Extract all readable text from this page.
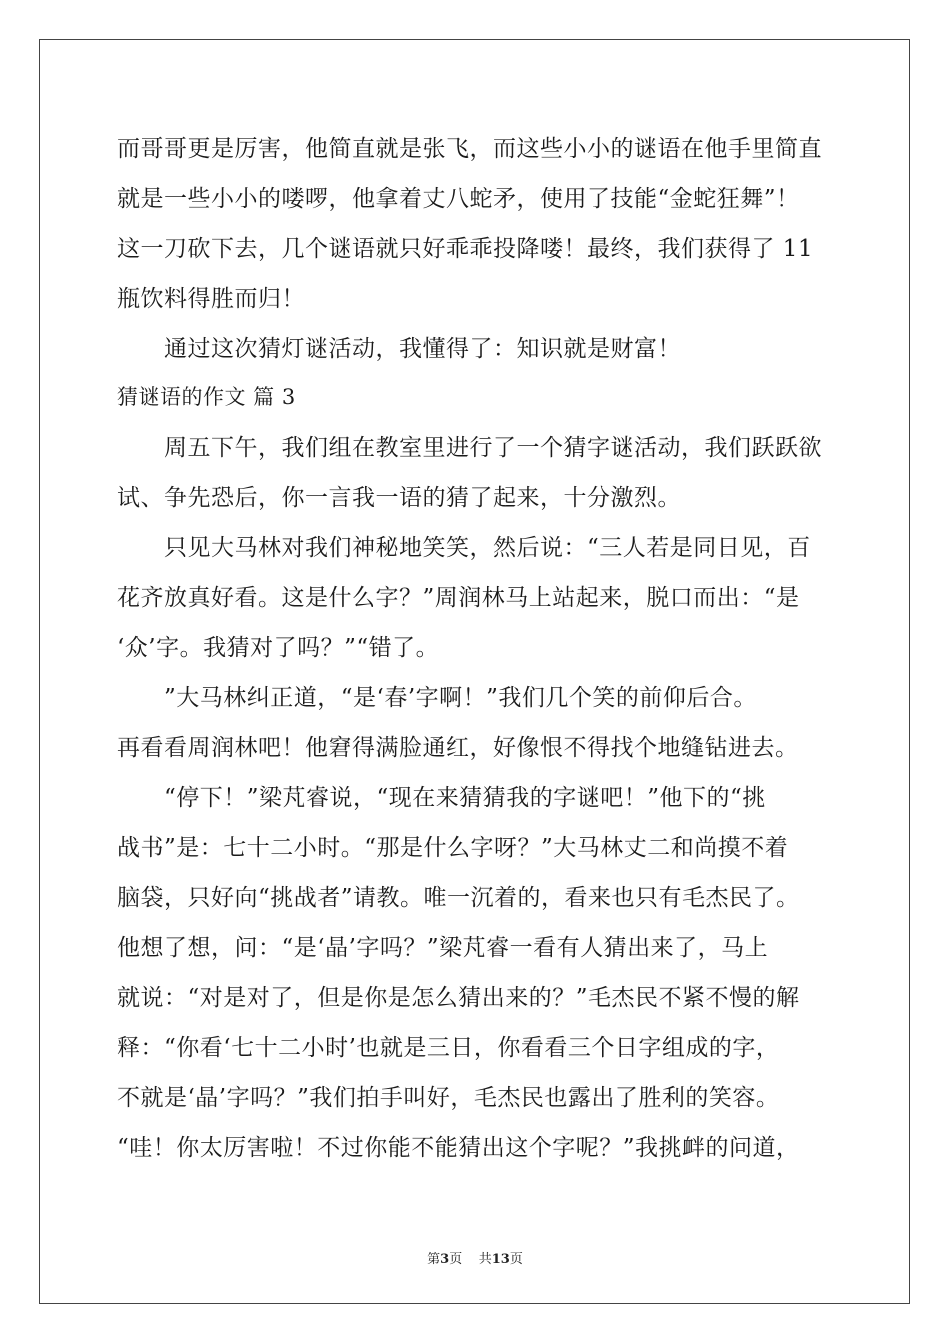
而哥哥更是厉害，他简直就是张飞，而这些小小的谜语在他手里简直
就是一些小小的喽啰，他拿着丈八蛇矛，使用了技能“金蛇狂舞”！
这一刀砍下去，几个谜语就只好乖乖投降喽！最终，我们获得了 11
瓶饮料得胜而归！
通过这次猜灯谜活动，我懂得了：知识就是财富！
猜谜语的作文 篇 3
周五下午，我们组在教室里进行了一个猜字谜活动，我们跃跃欲
试、争先恐后，你一言我一语的猜了起来，十分激烈。
只见大马林对我们神秘地笑笑，然后说：“三人若是同日见，百
花齐放真好看。这是什么字？”周润林马上站起来，脱口而出：“是
‘众’字。我猜对了吗？”“错了。
”大马林纠正道，“是‘春’字啊！”我们几个笑的前仰后合。
再看看周润林吧！他窘得满脸通红，好像恨不得找个地缝钻进去。
“停下！”梁芃睿说，“现在来猜猜我的字谜吧！”他下的“挑
战书”是：七十二小时。“那是什么字呀？”大马林丈二和尚摸不着
脑袋，只好向“挑战者”请教。唯一沉着的，看来也只有毛杰民了。
他想了想，问：“是‘晶’字吗？”梁芃睿一看有人猜出来了，马上
就说：“对是对了，但是你是怎么猜出来的？”毛杰民不紧不慢的解
释：“你看‘七十二小时’也就是三日，你看看三个日字组成的字，
不就是‘晶’字吗？”我们拍手叫好，毛杰民也露出了胜利的笑容。
“哇！你太厉害啦！不过你能不能猜出这个字呢？”我挑衅的问道，
第3页 共13页
